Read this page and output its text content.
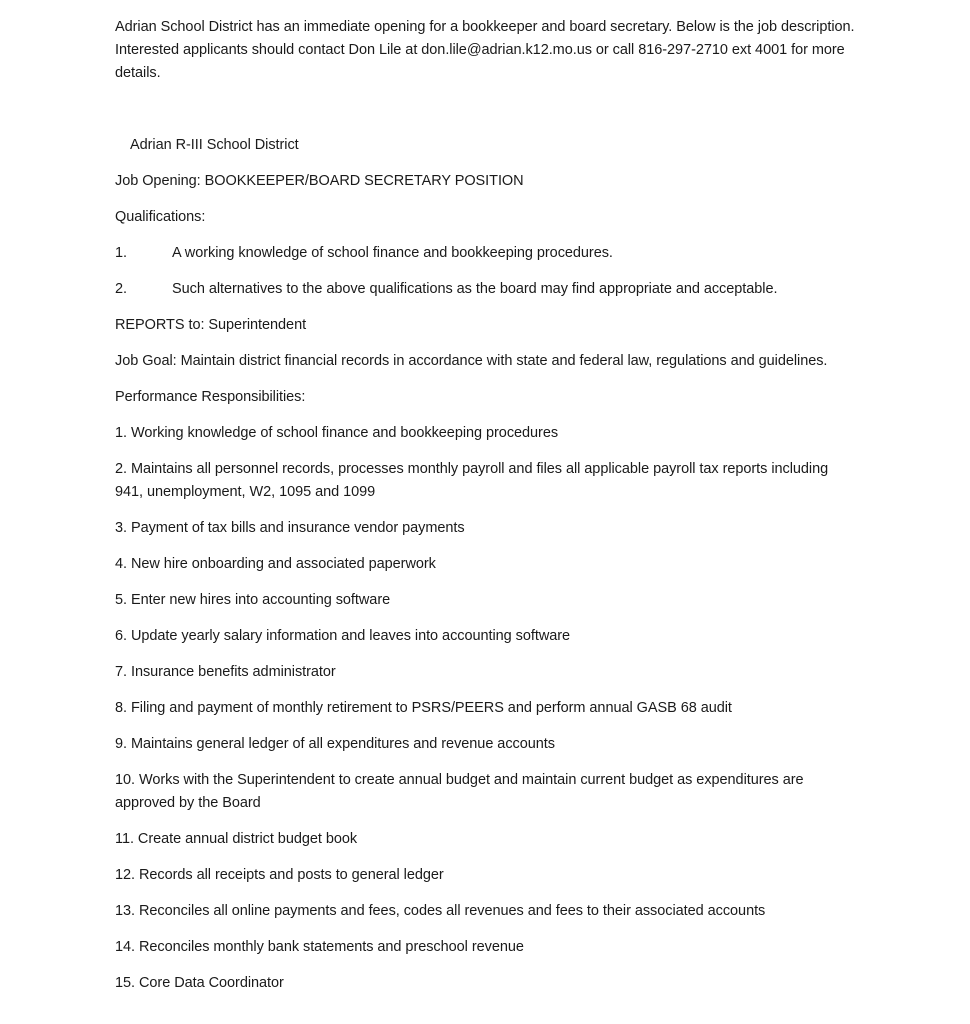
Adrian School District has an immediate opening for a bookkeeper and board secretary. Below is the job description.  Interested applicants should contact Don Lile at don.lile@adrian.k12.mo.us or call 816-297-2710 ext 4001 for more details.

Adrian R-III School District

Job Opening: BOOKKEEPER/BOARD SECRETARY POSITION

Qualifications:

1.	A working knowledge of school finance and bookkeeping procedures.
2.	Such alternatives to the above qualifications as the board may find appropriate and acceptable.

REPORTS to: Superintendent

Job Goal: Maintain district financial records in accordance with state and federal law, regulations and guidelines.

Performance Responsibilities:

1. Working knowledge of school finance and bookkeeping procedures

2. Maintains all personnel records, processes monthly payroll and files all applicable payroll tax reports including 941, unemployment, W2, 1095 and 1099

3. Payment of tax bills and insurance vendor payments

4. New hire onboarding and associated paperwork

5. Enter new hires into accounting software

6. Update yearly salary information and leaves into accounting software

7. Insurance benefits administrator

8. Filing and payment of monthly retirement to PSRS/PEERS and perform annual GASB 68 audit

9. Maintains general ledger of all expenditures and revenue accounts

10. Works with the Superintendent to create annual budget and maintain current budget as expenditures are approved by the Board

11. Create annual district budget book

12. Records all receipts and posts to general ledger

13. Reconciles all online payments and fees, codes all revenues and fees to their associated accounts

14. Reconciles monthly bank statements and preschool revenue

15. Core Data Coordinator
